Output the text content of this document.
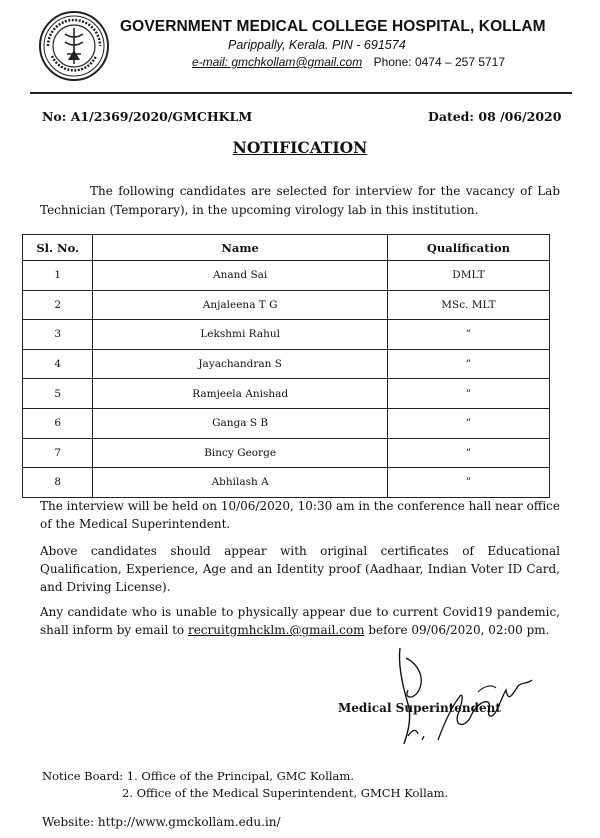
GOVERNMENT MEDICAL COLLEGE HOSPITAL, KOLLAM
Parippally, Kerala. PIN - 691574
e-mail: gmchkollam@gmail.com Phone: 0474 – 257 5717
No: A1/2369/2020/GMCHKLM	Dated: 08 /06/2020
NOTIFICATION
The following candidates are selected for interview for the vacancy of Lab Technician (Temporary), in the upcoming virology lab in this institution.
Sl. No.	Name	Qualification
1	Anand Sai	DMLT
2	Anjaleena T G	MSc. MLT
3	Lekshmi Rahul	”
4	Jayachandran S	”
5	Ramjeela Anishad	”
6	Ganga S B	”
7	Bincy George	”
8	Abhilash A	”
The interview will be held on 10/06/2020, 10:30 am in the conference hall near office of the Medical Superintendent.
Above candidates should appear with original certificates of Educational Qualification, Experience, Age and an Identity proof (Aadhaar, Indian Voter ID Card, and Driving License).
Any candidate who is unable to physically appear due to current Covid19 pandemic, shall inform by email to recruitgmhcklm.@gmail.com before 09/06/2020, 02:00 pm.
Medical Superintendent
Notice Board: 1. Office of the Principal, GMC Kollam.
2. Office of the Medical Superintendent, GMCH Kollam.
Website: http://www.gmckollam.edu.in/
